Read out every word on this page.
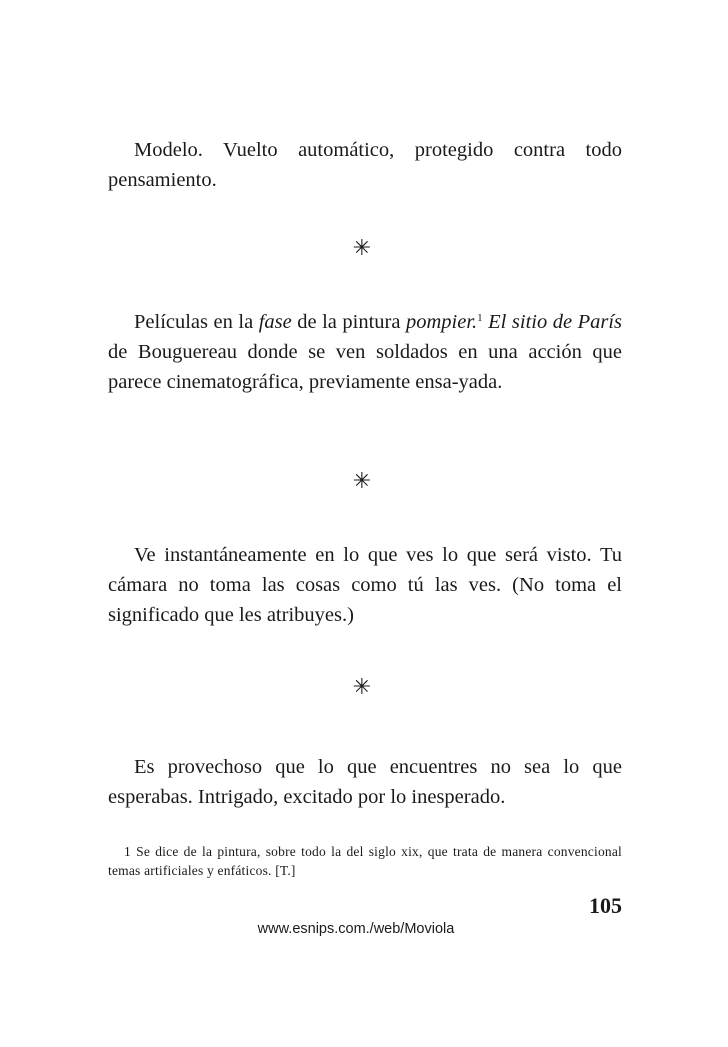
Modelo. Vuelto automático, protegido contra todo pensamiento.

✳

Películas en la fase de la pintura pompier.$^1$ El sitio de París de Bouguereau donde se ven soldados en una acción que parece cinematográfica, previamente ensa-yada.

✳

Ve instantáneamente en lo que ves lo que será visto. Tu cámara no toma las cosas como tú las ves. (No toma el significado que les atribuyes.)

✳

Es provechoso que lo que encuentres no sea lo que esperabas. Intrigado, excitado por lo inesperado.

1 Se dice de la pintura, sobre todo la del siglo xix, que trata de manera convencional temas artificiales y enfáticos. [T.]

105
www.esnips.com./web/Moviola
